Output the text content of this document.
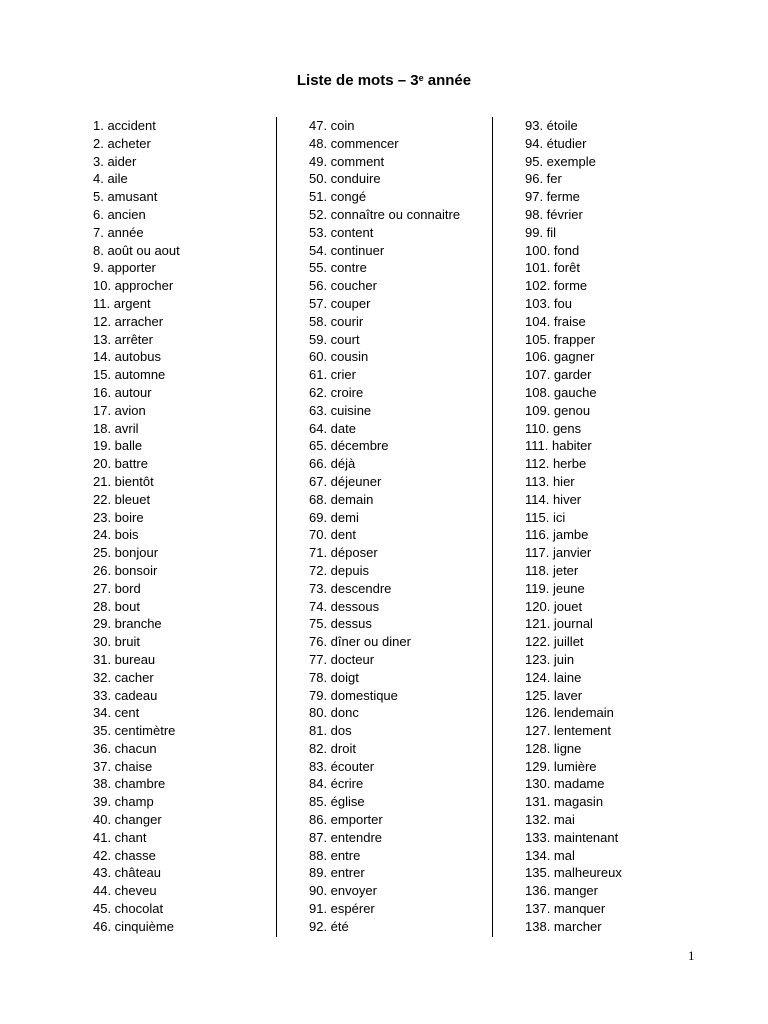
Liste de mots – 3e année
1. accident
2. acheter
3. aider
4. aile
5. amusant
6. ancien
7. année
8. août ou aout
9. apporter
10. approcher
11. argent
12. arracher
13. arrêter
14. autobus
15. automne
16. autour
17. avion
18. avril
19. balle
20. battre
21. bientôt
22. bleuet
23. boire
24. bois
25. bonjour
26. bonsoir
27. bord
28. bout
29. branche
30. bruit
31. bureau
32. cacher
33. cadeau
34. cent
35. centimètre
36. chacun
37. chaise
38. chambre
39. champ
40. changer
41. chant
42. chasse
43. château
44. cheveu
45. chocolat
46. cinquième
47. coin
48. commencer
49. comment
50. conduire
51. congé
52. connaître ou connaitre
53. content
54. continuer
55. contre
56. coucher
57. couper
58. courir
59. court
60. cousin
61. crier
62. croire
63. cuisine
64. date
65. décembre
66. déjà
67. déjeuner
68. demain
69. demi
70. dent
71. déposer
72. depuis
73. descendre
74. dessous
75. dessus
76. dîner ou diner
77. docteur
78. doigt
79. domestique
80. donc
81. dos
82. droit
83. écouter
84. écrire
85. église
86. emporter
87. entendre
88. entre
89. entrer
90. envoyer
91. espérer
92. été
93. étoile
94. étudier
95. exemple
96. fer
97. ferme
98. février
99. fil
100. fond
101. forêt
102. forme
103. fou
104. fraise
105. frapper
106. gagner
107. garder
108. gauche
109. genou
110. gens
111. habiter
112. herbe
113. hier
114. hiver
115. ici
116. jambe
117. janvier
118. jeter
119. jeune
120. jouet
121. journal
122. juillet
123. juin
124. laine
125. laver
126. lendemain
127. lentement
128. ligne
129. lumière
130. madame
131. magasin
132. mai
133. maintenant
134. mal
135. malheureux
136. manger
137. manquer
138. marcher
1
